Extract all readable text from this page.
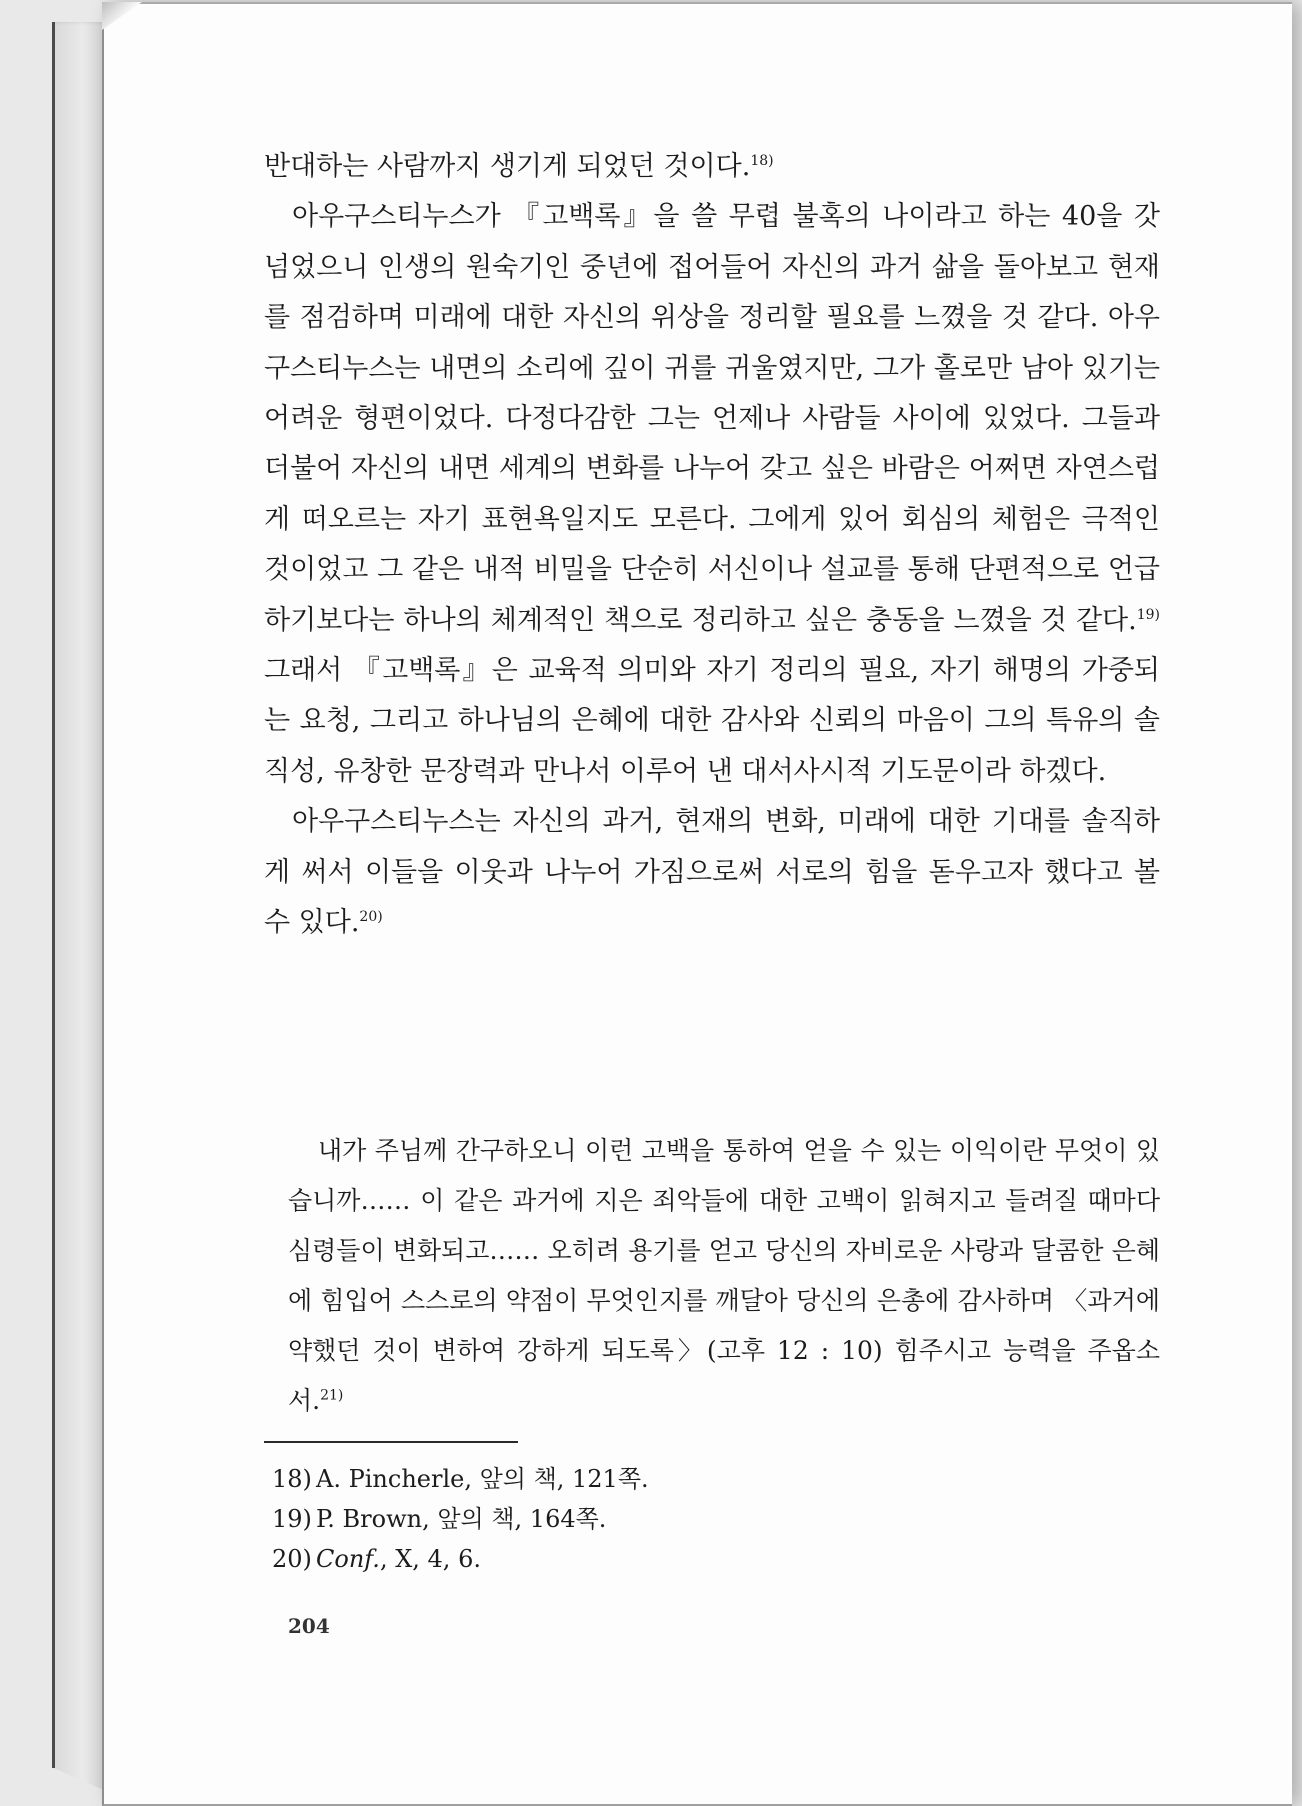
반대하는 사람까지 생기게 되었던 것이다.$^{18)}$

아우구스티누스가 『고백록』을 쓸 무렵 불혹의 나이라고 하는 40을 갓 넘었으니 인생의 원숙기인 중년에 접어들어 자신의 과거 삶을 돌아보고 현재를 점검하며 미래에 대한 자신의 위상을 정리할 필요를 느꼈을 것 같다. 아우구스티누스는 내면의 소리에 깊이 귀를 귀울였지만, 그가 홀로만 남아 있기는 어려운 형편이었다. 다정다감한 그는 언제나 사람들 사이에 있었다. 그들과 더불어 자신의 내면 세계의 변화를 나누어 갖고 싶은 바람은 어쩌면 자연스럽게 떠오르는 자기 표현욕일지도 모른다. 그에게 있어 회심의 체험은 극적인 것이었고 그 같은 내적 비밀을 단순히 서신이나 설교를 통해 단편적으로 언급하기보다는 하나의 체계적인 책으로 정리하고 싶은 충동을 느꼈을 것 같다.$^{19)}$ 그래서 『고백록』은 교육적 의미와 자기 정리의 필요, 자기 해명의 가중되는 요청, 그리고 하나님의 은혜에 대한 감사와 신뢰의 마음이 그의 특유의 솔직성, 유창한 문장력과 만나서 이루어 낸 대서사시적 기도문이라 하겠다.

아우구스티누스는 자신의 과거, 현재의 변화, 미래에 대한 기대를 솔직하게 써서 이들을 이웃과 나누어 가짐으로써 서로의 힘을 돋우고자 했다고 볼 수 있다.$^{20)}$

내가 주님께 간구하오니 이런 고백을 통하여 얻을 수 있는 이익이란 무엇이 있습니까…… 이 같은 과거에 지은 죄악들에 대한 고백이 읽혀지고 들려질 때마다 심령들이 변화되고…… 오히려 용기를 얻고 당신의 자비로운 사랑과 달콤한 은혜에 힘입어 스스로의 약점이 무엇인지를 깨달아 당신의 은총에 감사하며 〈과거에 약했던 것이 변하여 강하게 되도록〉(고후 12 : 10) 힘주시고 능력을 주옵소서.$^{21)}$

18) A. Pincherle, 앞의 책, 121쪽.
19) P. Brown, 앞의 책, 164쪽.
20) Conf., X, 4, 6.
204
